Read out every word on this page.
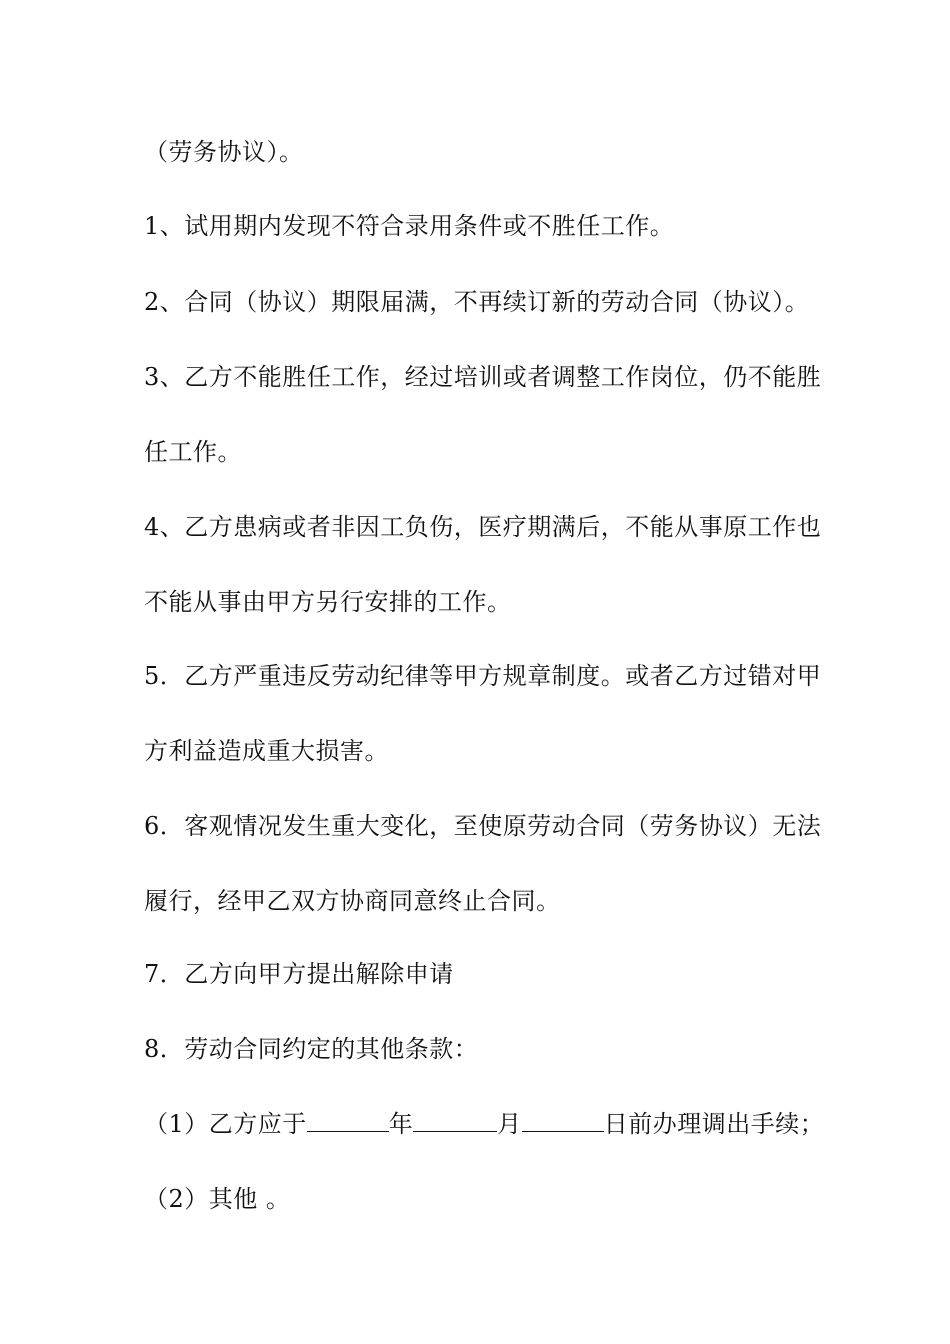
（劳务协议）。
1、试用期内发现不符合录用条件或不胜任工作。
2、合同（协议）期限届满，不再续订新的劳动合同（协议）。
3、乙方不能胜任工作，经过培训或者调整工作岗位，仍不能胜
任工作。
4、乙方患病或者非因工负伤，医疗期满后，不能从事原工作也
不能从事由甲方另行安排的工作。
5．乙方严重违反劳动纪律等甲方规章制度。或者乙方过错对甲
方利益造成重大损害。
6．客观情况发生重大变化，至使原劳动合同（劳务协议）无法
履行，经甲乙双方协商同意终止合同。
7．乙方向甲方提出解除申请
8．劳动合同约定的其他条款：
（1）乙方应于	年	月	日前办理调出手续；
（2）其他 。
